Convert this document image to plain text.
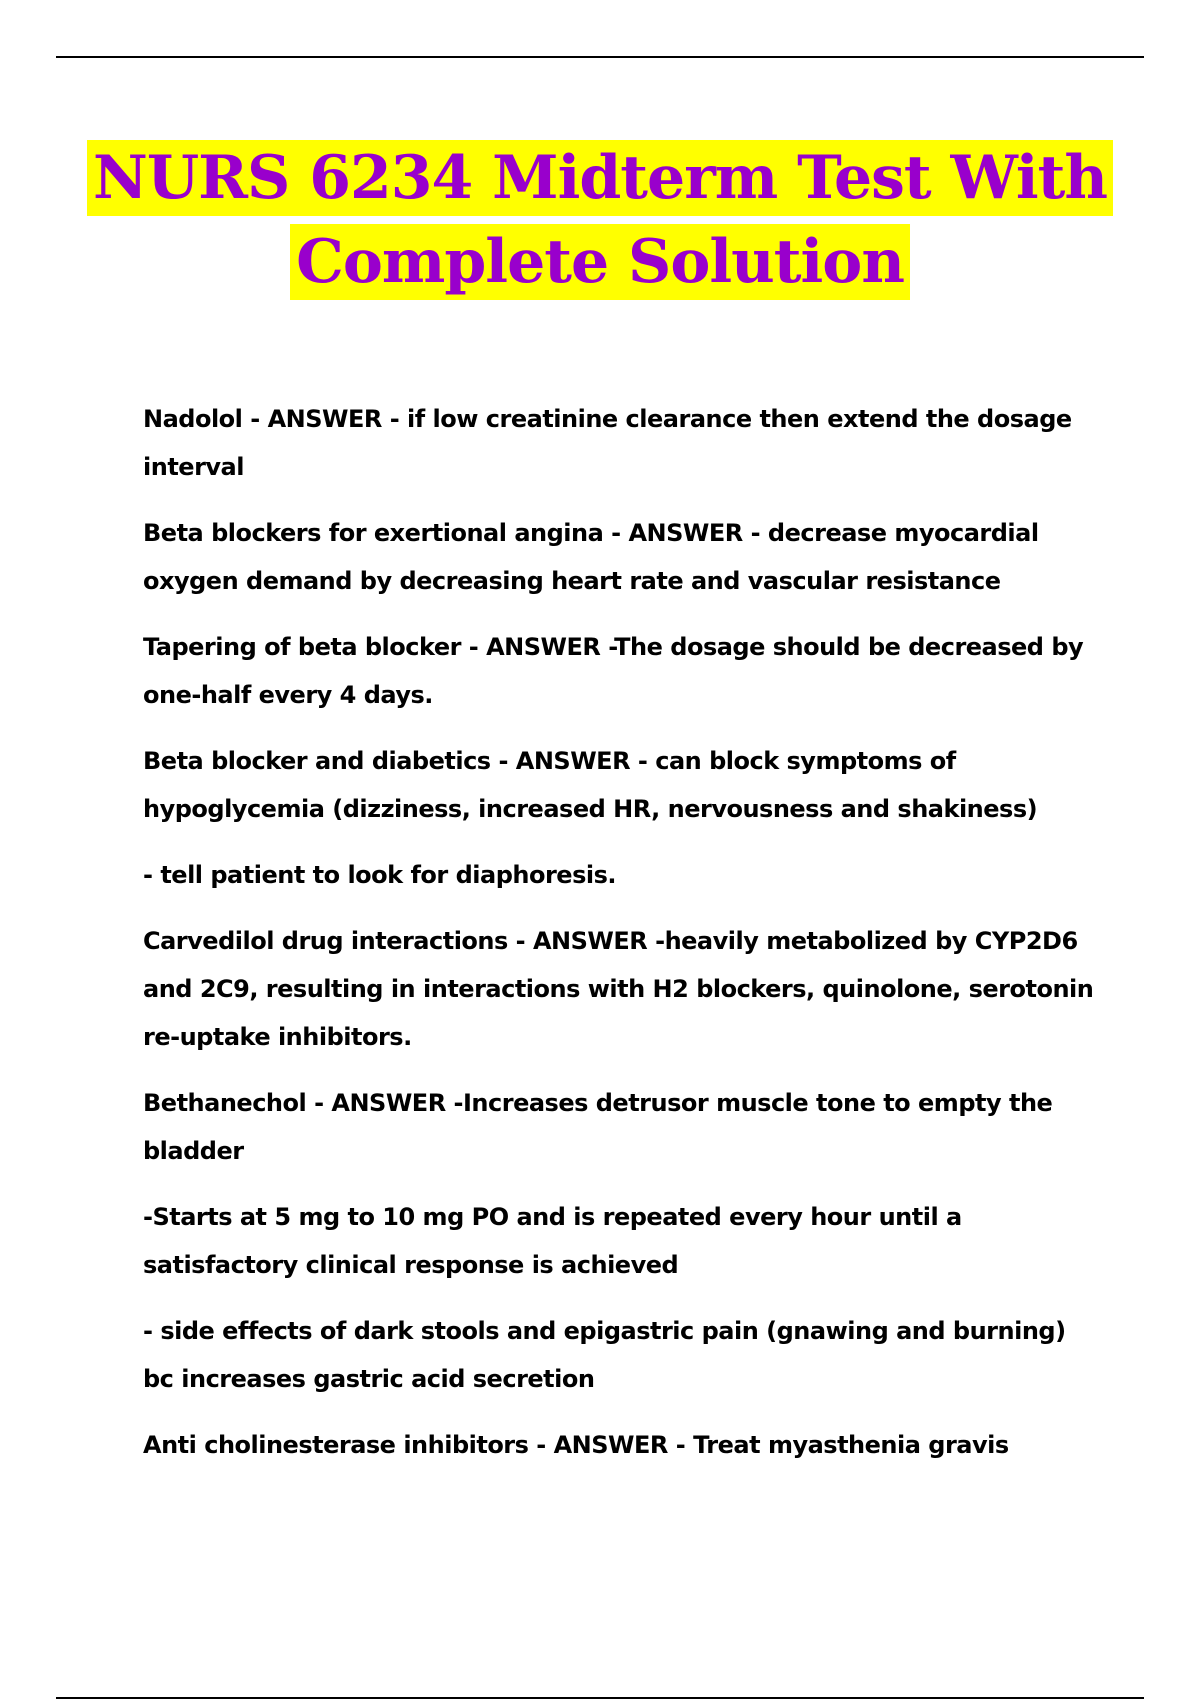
NURS 6234 Midterm Test With
Complete Solution

Nadolol - ANSWER - if low creatinine clearance then extend the dosage interval

Beta blockers for exertional angina - ANSWER - decrease myocardial oxygen demand by decreasing heart rate and vascular resistance

Tapering of beta blocker - ANSWER -The dosage should be decreased by one-half every 4 days.

Beta blocker and diabetics - ANSWER - can block symptoms of hypoglycemia (dizziness, increased HR, nervousness and shakiness)

- tell patient to look for diaphoresis.

Carvedilol drug interactions - ANSWER -heavily metabolized by CYP2D6 and 2C9, resulting in interactions with H2 blockers, quinolone, serotonin re-uptake inhibitors.

Bethanechol - ANSWER -Increases detrusor muscle tone to empty the bladder

-Starts at 5 mg to 10 mg PO and is repeated every hour until a satisfactory clinical response is achieved

- side effects of dark stools and epigastric pain (gnawing and burning) bc increases gastric acid secretion

Anti cholinesterase inhibitors - ANSWER - Treat myasthenia gravis
